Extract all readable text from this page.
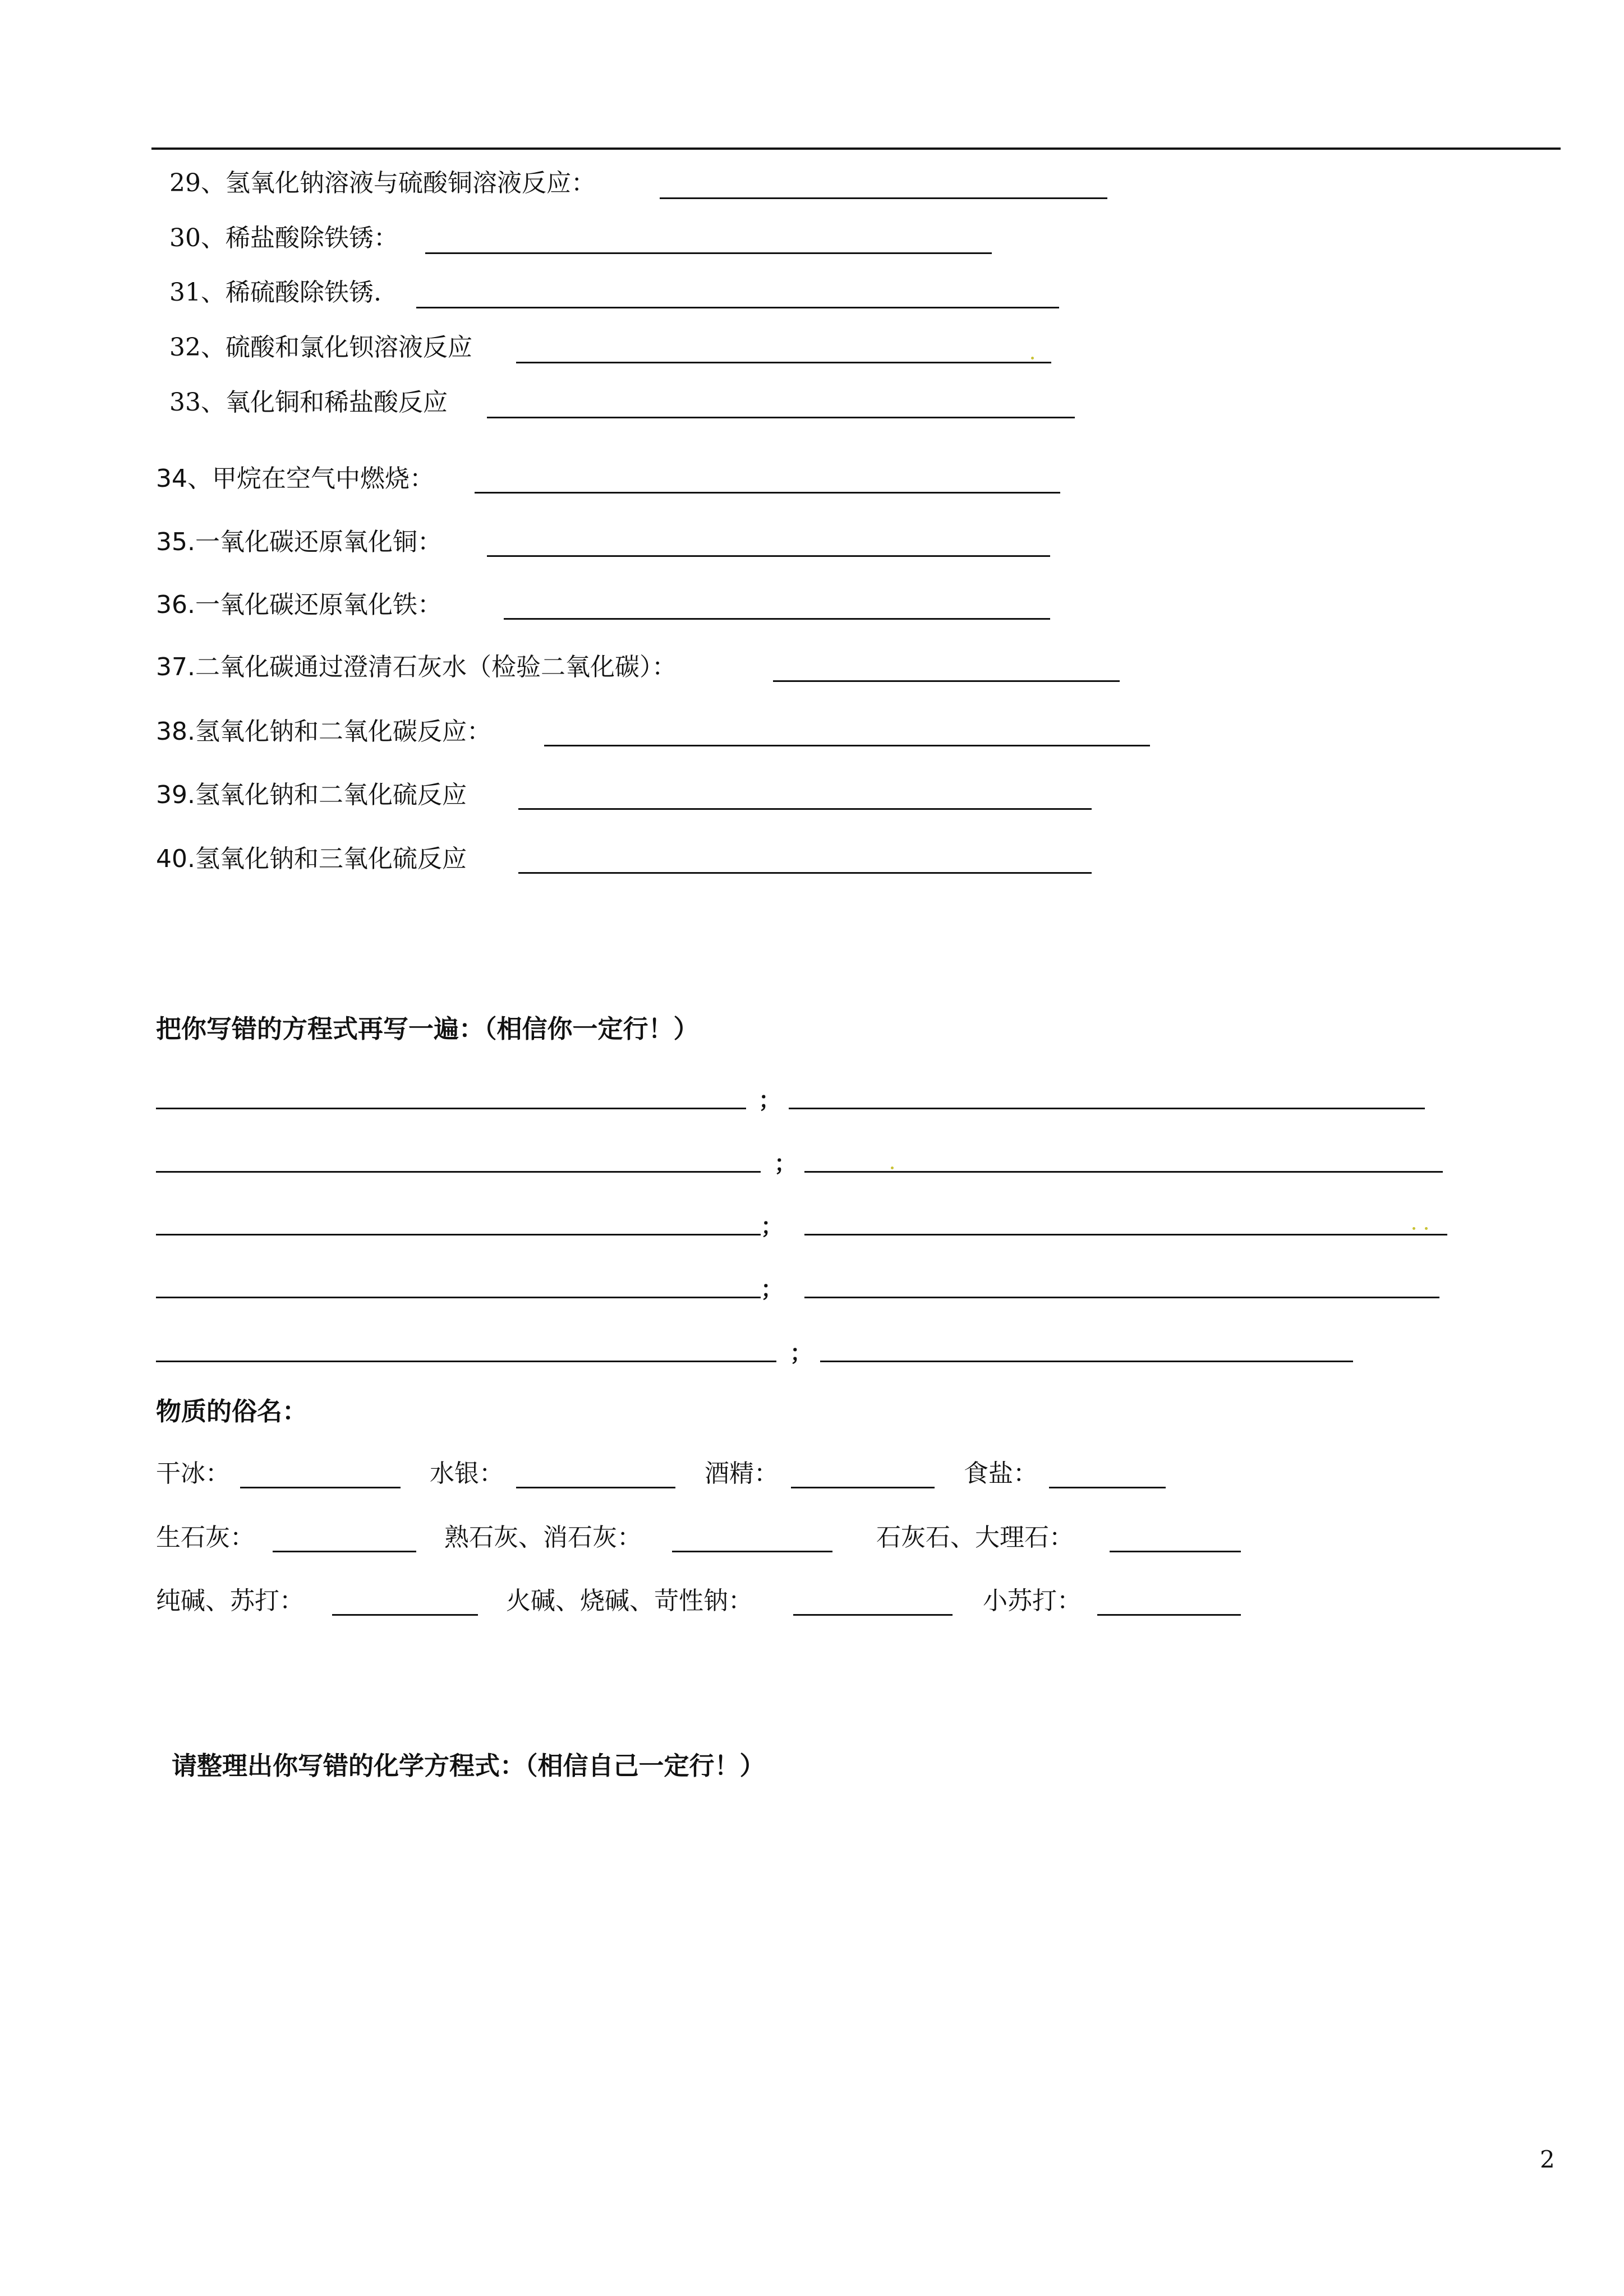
29、氢氧化钠溶液与硫酸铜溶液反应：
30、稀盐酸除铁锈：
31、稀硫酸除铁锈.
32、硫酸和氯化钡溶液反应
33、氧化铜和稀盐酸反应
34、甲烷在空气中燃烧：
35.一氧化碳还原氧化铜：
36.一氧化碳还原氧化铁：
37.二氧化碳通过澄清石灰水（检验二氧化碳）：
38.氢氧化钠和二氧化碳反应：
39.氢氧化钠和二氧化硫反应
40.氢氧化钠和三氧化硫反应
把你写错的方程式再写一遍：（相信你一定行！）
；
；
；
；
；
物质的俗名：
干冰：	水银：	酒精：	食盐：
生石灰：	熟石灰、消石灰：	石灰石、大理石：
纯碱、苏打：	火碱、烧碱、苛性钠：	小苏打：
请整理出你写错的化学方程式：（相信自己一定行！）
2
